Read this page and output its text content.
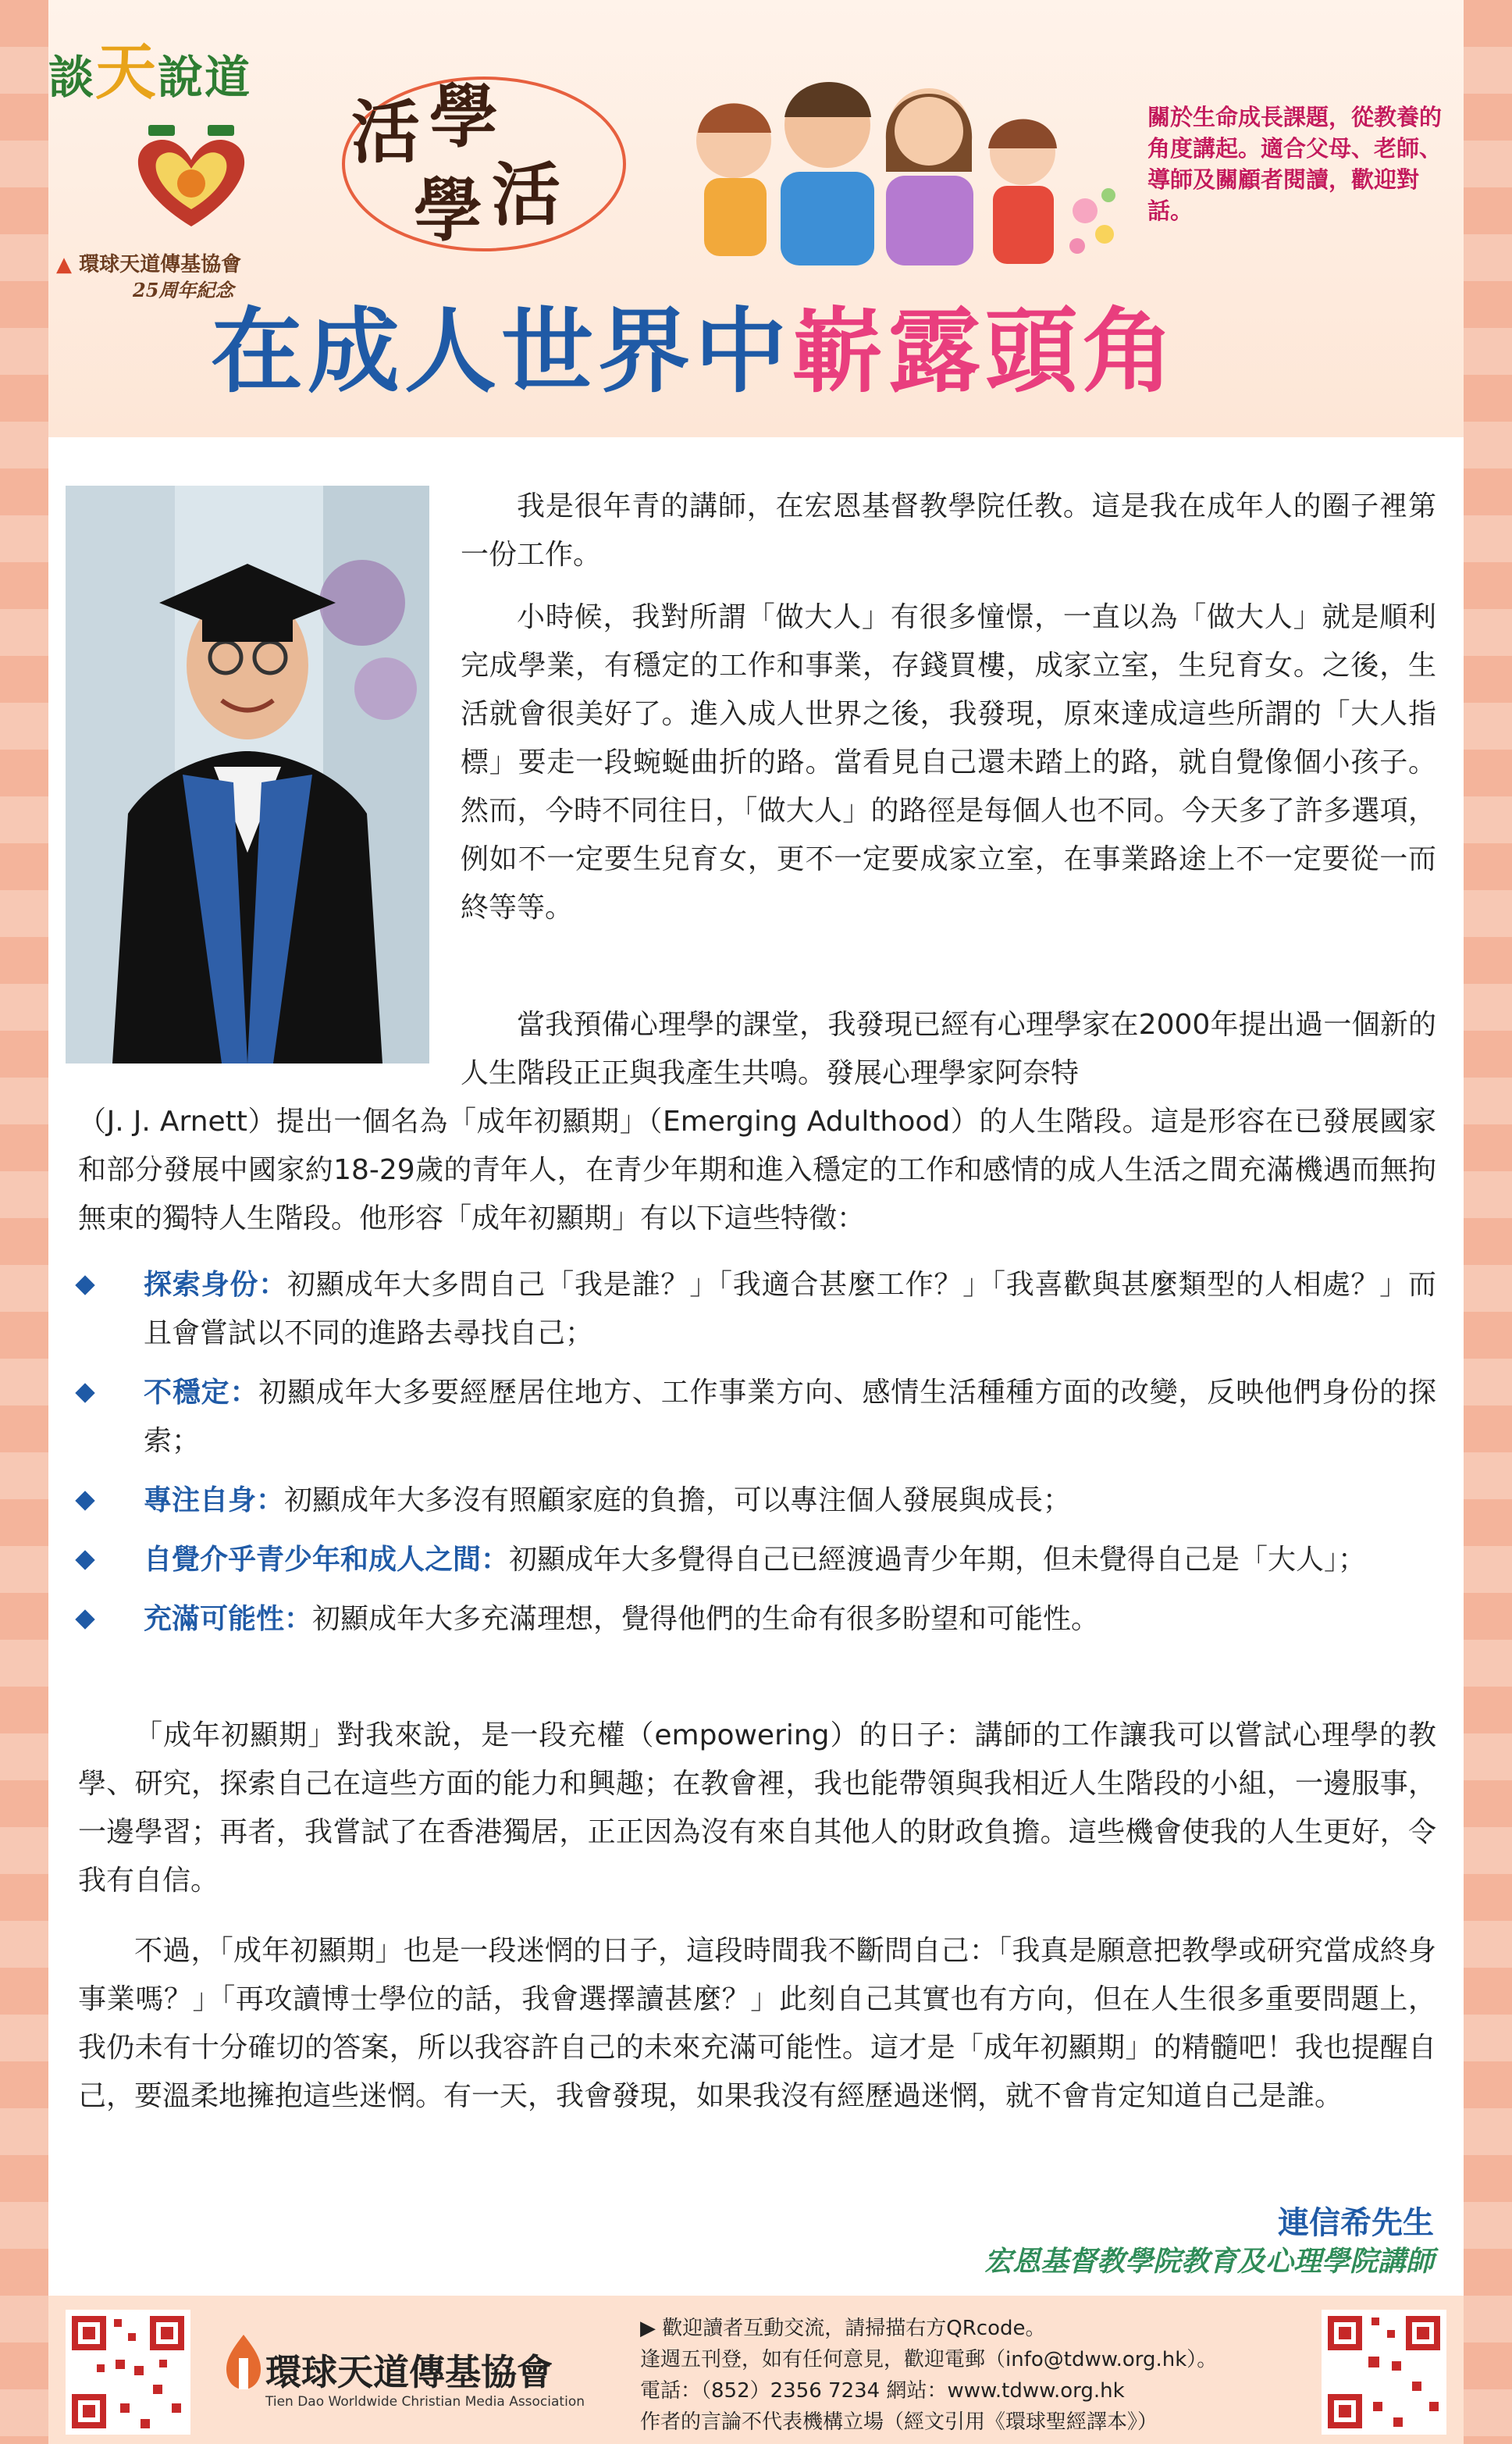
談天說道
▲ 環球天道傳基協會
25周年紀念
活 學
學 活
關於生命成長課題，從教養的角度講起。適合父母、老師、導師及關顧者閱讀，歡迎對話。
在成人世界中嶄露頭角
我是很年青的講師，在宏恩基督教學院任教。這是我在成年人的圈子裡第一份工作。
小時候，我對所謂「做大人」有很多憧憬，一直以為「做大人」就是順利完成學業，有穩定的工作和事業，存錢買樓，成家立室，生兒育女。之後，生活就會很美好了。進入成人世界之後，我發現，原來達成這些所謂的「大人指標」要走一段蜿蜒曲折的路。當看見自己還未踏上的路，就自覺像個小孩子。然而，今時不同往日，「做大人」的路徑是每個人也不同。今天多了許多選項，例如不一定要生兒育女，更不一定要成家立室，在事業路途上不一定要從一而終等等。
當我預備心理學的課堂，我發現已經有心理學家在2000年提出過一個新的人生階段正正與我產生共鳴。發展心理學家阿奈特
（J. J. Arnett）提出一個名為「成年初顯期」（Emerging Adulthood）的人生階段。這是形容在已發展國家和部分發展中國家約18-29歲的青年人，在青少年期和進入穩定的工作和感情的成人生活之間充滿機遇而無拘無束的獨特人生階段。他形容「成年初顯期」有以下這些特徵：
探索身份：初顯成年大多問自己「我是誰？」「我適合甚麼工作？」「我喜歡與甚麼類型的人相處？」而且會嘗試以不同的進路去尋找自己；
不穩定：初顯成年大多要經歷居住地方、工作事業方向、感情生活種種方面的改變，反映他們身份的探索；
專注自身：初顯成年大多沒有照顧家庭的負擔，可以專注個人發展與成長；
自覺介乎青少年和成人之間：初顯成年大多覺得自己已經渡過青少年期，但未覺得自己是「大人」；
充滿可能性：初顯成年大多充滿理想，覺得他們的生命有很多盼望和可能性。
「成年初顯期」對我來說，是一段充權（empowering）的日子：講師的工作讓我可以嘗試心理學的教學、研究，探索自己在這些方面的能力和興趣；在教會裡，我也能帶領與我相近人生階段的小組，一邊服事，一邊學習；再者，我嘗試了在香港獨居，正正因為沒有來自其他人的財政負擔。這些機會使我的人生更好，令我有自信。
不過，「成年初顯期」也是一段迷惘的日子，這段時間我不斷問自己：「我真是願意把教學或研究當成終身事業嗎？」「再攻讀博士學位的話，我會選擇讀甚麼？」此刻自己其實也有方向，但在人生很多重要問題上，我仍未有十分確切的答案，所以我容許自己的未來充滿可能性。這才是「成年初顯期」的精髓吧！我也提醒自己，要溫柔地擁抱這些迷惘。有一天，我會發現，如果我沒有經歷過迷惘，就不會肯定知道自己是誰。
連信希先生
宏恩基督教學院教育及心理學院講師
環球天道傳基協會
Tien Dao Worldwide Christian Media Association
▶ 歡迎讀者互動交流，請掃描右方QRcode。
逢週五刊登，如有任何意見，歡迎電郵（info@tdww.org.hk）。
電話：（852）2356 7234 網站：www.tdww.org.hk
作者的言論不代表機構立場（經文引用《環球聖經譯本》）
